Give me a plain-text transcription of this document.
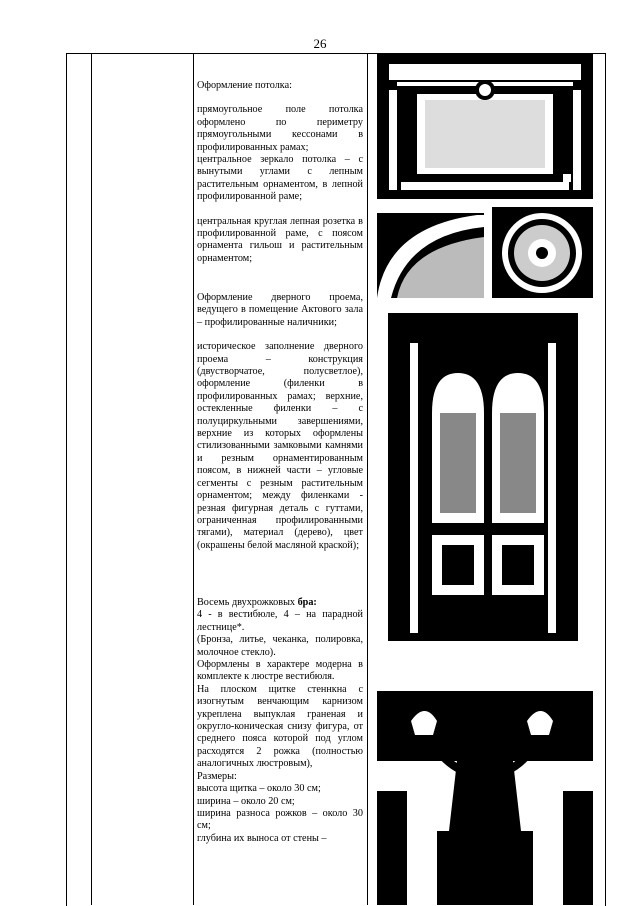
26

Оформление потолка:

прямоугольное поле потолка оформлено по периметру прямоугольными кессонами в профилированных рамах;

центральное зеркало потолка – с вынутыми углами с лепным растительным орнаментом, в лепной профилированной раме;

центральная круглая лепная розетка в профилированной раме, с поясом орнамента гильош и растительным орнаментом;

Оформление дверного проема, ведущего в помещение Актового зала – профилированные наличники;

историческое заполнение дверного проема – конструкция (двустворчатое, полусветлое), оформление (филенки в профилированных рамах; верхние, остекленные филенки – с полуциркульными завершениями, верхние из которых оформлены стилизованными замковыми камнями и резным орнаментированным поясом, в нижней части – угловые сегменты с резным растительным орнаментом; между филенками - резная фигурная деталь с гуттами, ограниченная профилированными тягами), материал (дерево), цвет (окрашены белой масляной краской);

Восемь двухрожковых бра:

4 - в вестибюле, 4 – на парадной лестнице*.

(Бронза, литье, чеканка, полировка, молочное стекло).

Оформлены в характере модерна в комплекте к люстре вестибюля.

На плоском щитке стеннкна с изогнутым венчающим карнизом укреплена выпуклая граненая и округло-коническая снизу фигура, от среднего пояса которой под углом расходятся 2 рожка (полностью аналогичных люстровым),

Размеры:

высота щитка – около 30 см;

ширина – около 20 см;

ширина разноса рожков – около 30 см;

глубина их выноса от стены –
